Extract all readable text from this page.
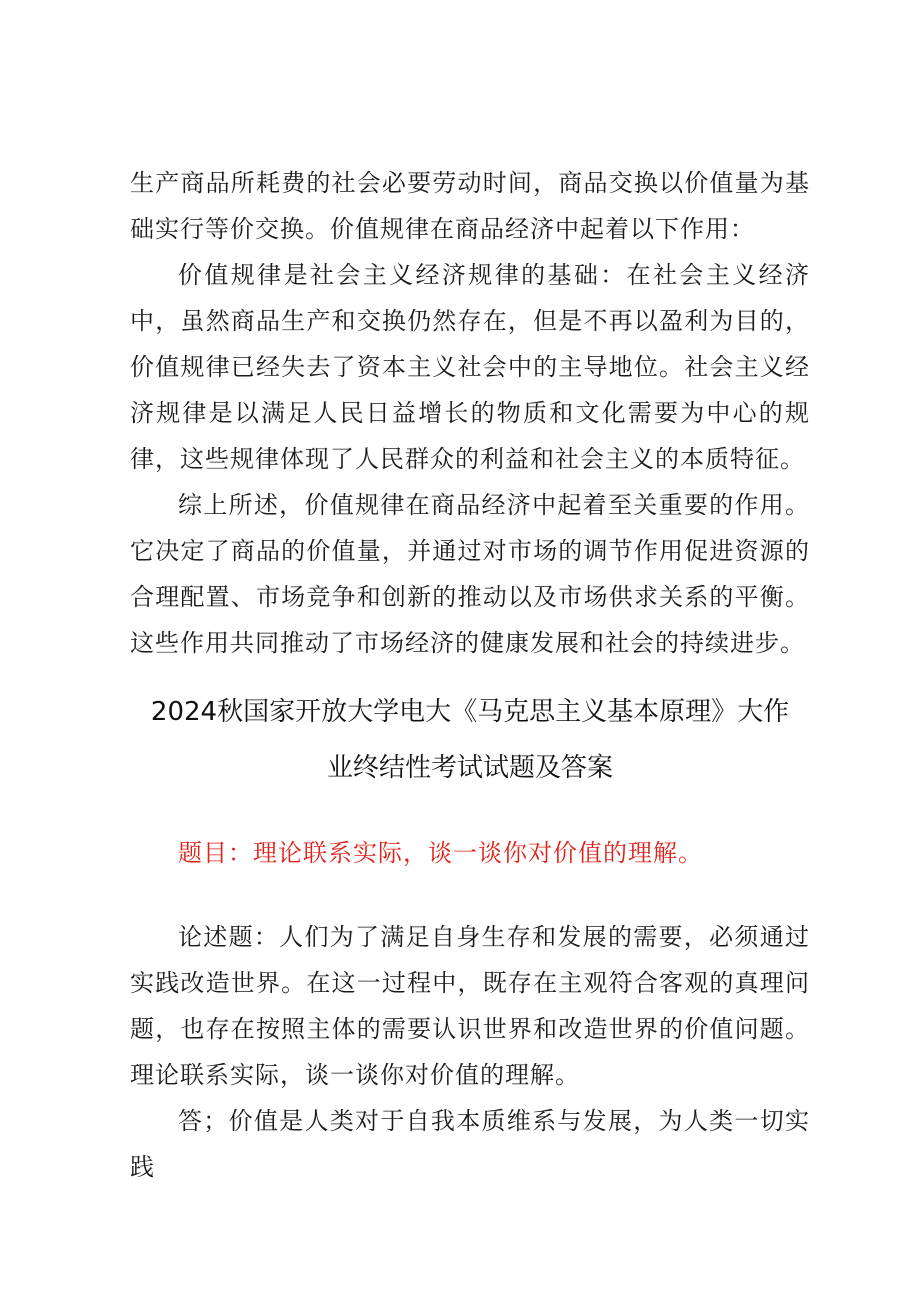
生产商品所耗费的社会必要劳动时间，商品交换以价值量为基础实行等价交换。价值规律在商品经济中起着以下作用：

价值规律是社会主义经济规律的基础：在社会主义经济中，虽然商品生产和交换仍然存在，但是不再以盈利为目的，价值规律已经失去了资本主义社会中的主导地位。社会主义经济规律是以满足人民日益增长的物质和文化需要为中心的规律，这些规律体现了人民群众的利益和社会主义的本质特征。

综上所述，价值规律在商品经济中起着至关重要的作用。它决定了商品的价值量，并通过对市场的调节作用促进资源的合理配置、市场竞争和创新的推动以及市场供求关系的平衡。这些作用共同推动了市场经济的健康发展和社会的持续进步。

2024秋国家开放大学电大《马克思主义基本原理》大作
业终结性考试试题及答案

题目：理论联系实际，谈一谈你对价值的理解。

论述题：人们为了满足自身生存和发展的需要，必须通过实践改造世界。在这一过程中，既存在主观符合客观的真理问题，也存在按照主体的需要认识世界和改造世界的价值问题。理论联系实际，谈一谈你对价值的理解。

答；价值是人类对于自我本质维系与发展，为人类一切实践
